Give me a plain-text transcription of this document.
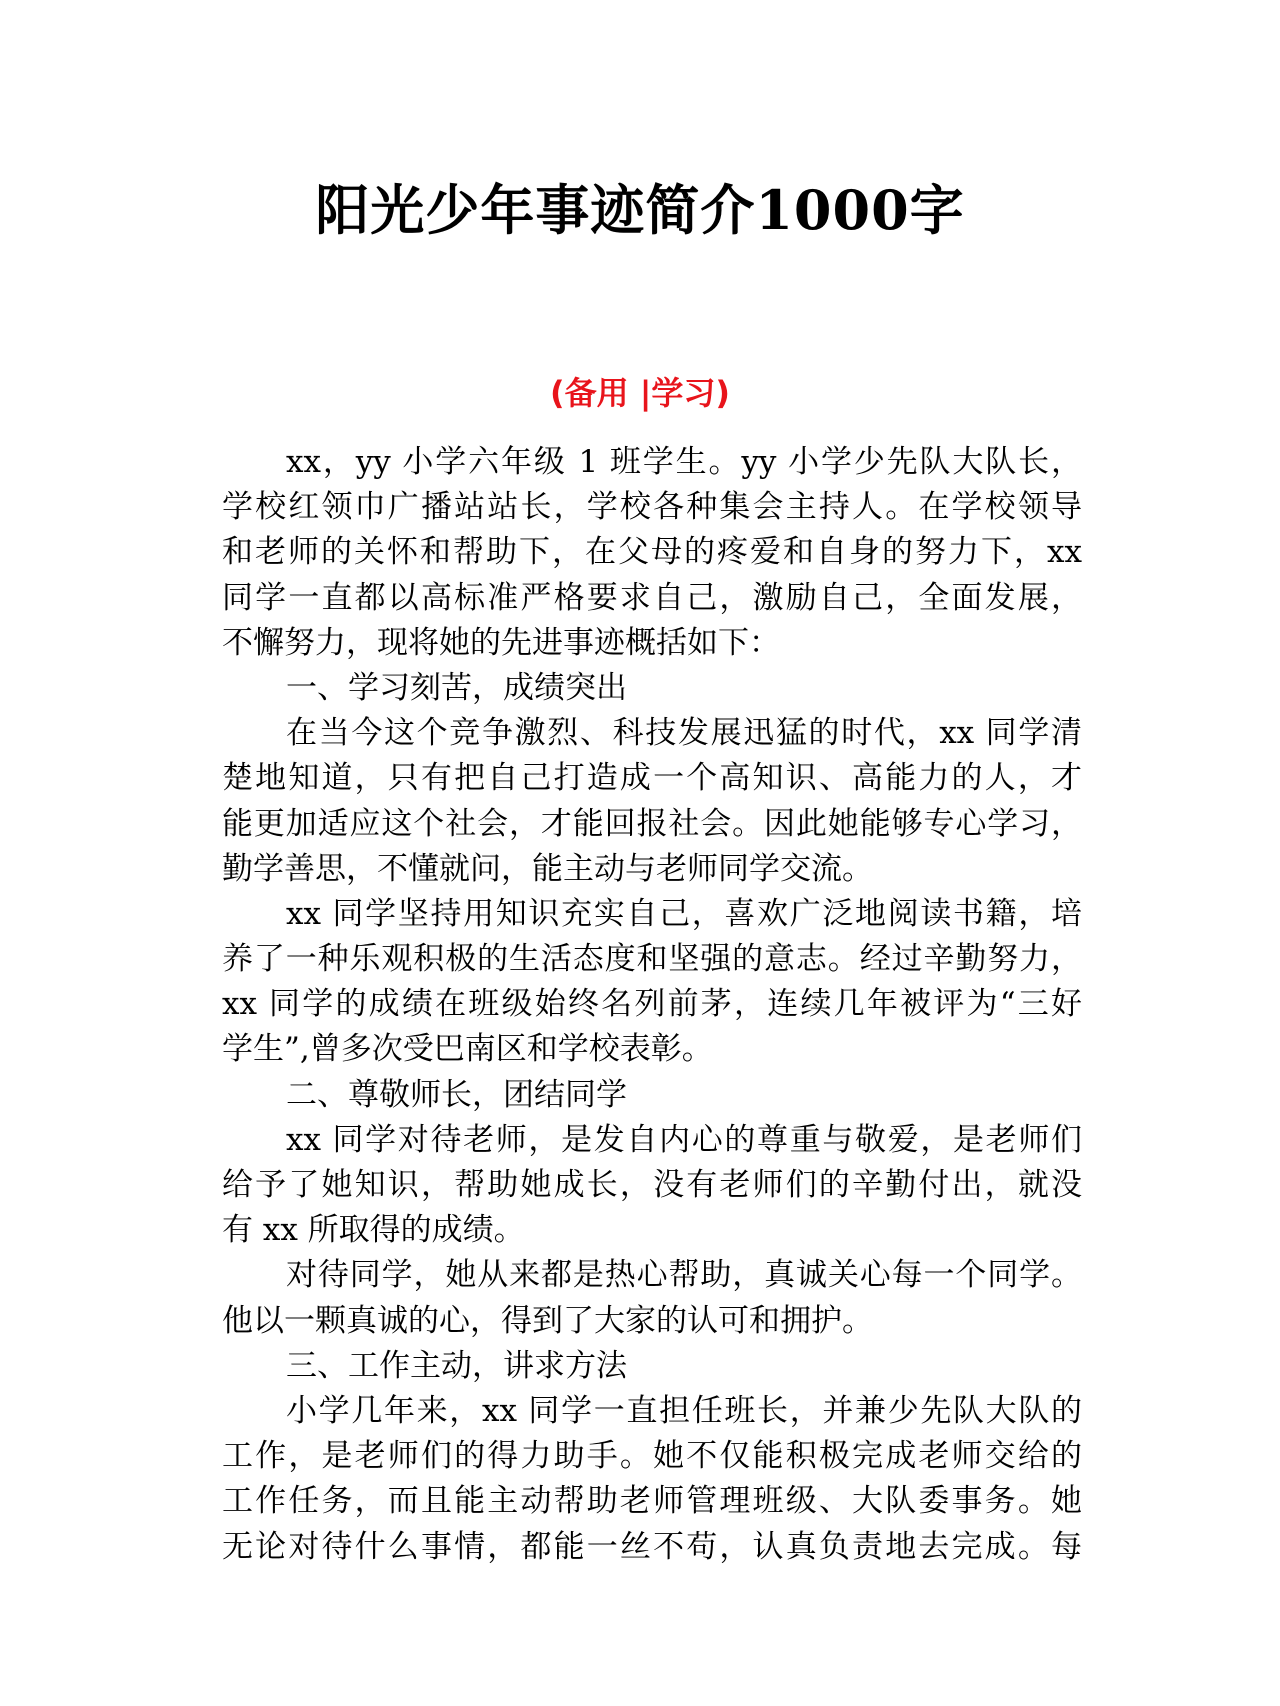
阳光少年事迹简介1000字
(备用 |学习)
xx，yy 小学六年级 1 班学生。yy 小学少先队大队长，
学校红领巾广播站站长，学校各种集会主持人。在学校领导
和老师的关怀和帮助下，在父母的疼爱和自身的努力下，xx
同学一直都以高标准严格要求自己，激励自己，全面发展，
不懈努力，现将她的先进事迹概括如下：
一、学习刻苦，成绩突出
在当今这个竞争激烈、科技发展迅猛的时代，xx 同学清
楚地知道，只有把自己打造成一个高知识、高能力的人，才
能更加适应这个社会，才能回报社会。因此她能够专心学习，
勤学善思，不懂就问，能主动与老师同学交流。
xx 同学坚持用知识充实自己，喜欢广泛地阅读书籍，培
养了一种乐观积极的生活态度和坚强的意志。经过辛勤努力，
xx 同学的成绩在班级始终名列前茅，连续几年被评为“三好
学生”,曾多次受巴南区和学校表彰。
二、尊敬师长，团结同学
xx 同学对待老师，是发自内心的尊重与敬爱，是老师们
给予了她知识，帮助她成长，没有老师们的辛勤付出，就没
有 xx 所取得的成绩。
对待同学，她从来都是热心帮助，真诚关心每一个同学。
他以一颗真诚的心，得到了大家的认可和拥护。
三、工作主动，讲求方法
小学几年来，xx 同学一直担任班长，并兼少先队大队的
工作，是老师们的得力助手。她不仅能积极完成老师交给的
工作任务，而且能主动帮助老师管理班级、大队委事务。她
无论对待什么事情，都能一丝不苟，认真负责地去完成。每
